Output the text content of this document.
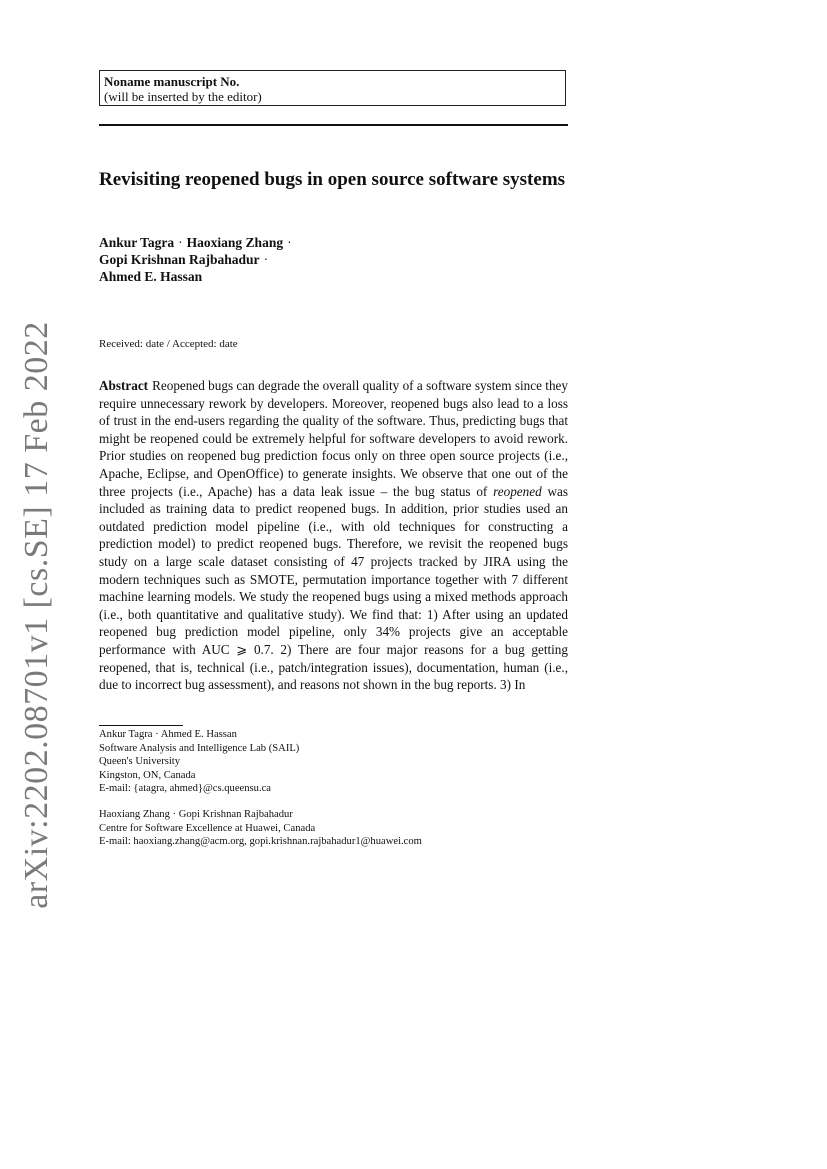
arXiv:2202.08701v1 [cs.SE] 17 Feb 2022
Noname manuscript No.
(will be inserted by the editor)
Revisiting reopened bugs in open source software systems
Ankur Tagra · Haoxiang Zhang ·
Gopi Krishnan Rajbahadur ·
Ahmed E. Hassan
Received: date / Accepted: date

Abstract Reopened bugs can degrade the overall quality of a software system since they require unnecessary rework by developers. Moreover, reopened bugs also lead to a loss of trust in the end-users regarding the quality of the software. Thus, predicting bugs that might be reopened could be extremely helpful for software developers to avoid rework. Prior studies on reopened bug prediction focus only on three open source projects (i.e., Apache, Eclipse, and OpenOffice) to generate insights. We observe that one out of the three projects (i.e., Apache) has a data leak issue – the bug status of reopened was included as training data to predict reopened bugs. In addition, prior studies used an outdated prediction model pipeline (i.e., with old techniques for constructing a prediction model) to predict reopened bugs. Therefore, we revisit the reopened bugs study on a large scale dataset consisting of 47 projects tracked by JIRA using the modern techniques such as SMOTE, permutation importance together with 7 different machine learning models. We study the reopened bugs using a mixed methods approach (i.e., both quantitative and qualitative study). We find that: 1) After using an updated reopened bug prediction model pipeline, only 34% projects give an acceptable performance with AUC ⩾ 0.7. 2) There are four major reasons for a bug getting reopened, that is, technical (i.e., patch/integration issues), documentation, human (i.e., due to incorrect bug assessment), and reasons not shown in the bug reports. 3) In

Ankur Tagra · Ahmed E. Hassan
Software Analysis and Intelligence Lab (SAIL)
Queen's University
Kingston, ON, Canada
E-mail: {atagra, ahmed}@cs.queensu.ca
Haoxiang Zhang · Gopi Krishnan Rajbahadur
Centre for Software Excellence at Huawei, Canada
E-mail: haoxiang.zhang@acm.org, gopi.krishnan.rajbahadur1@huawei.com
